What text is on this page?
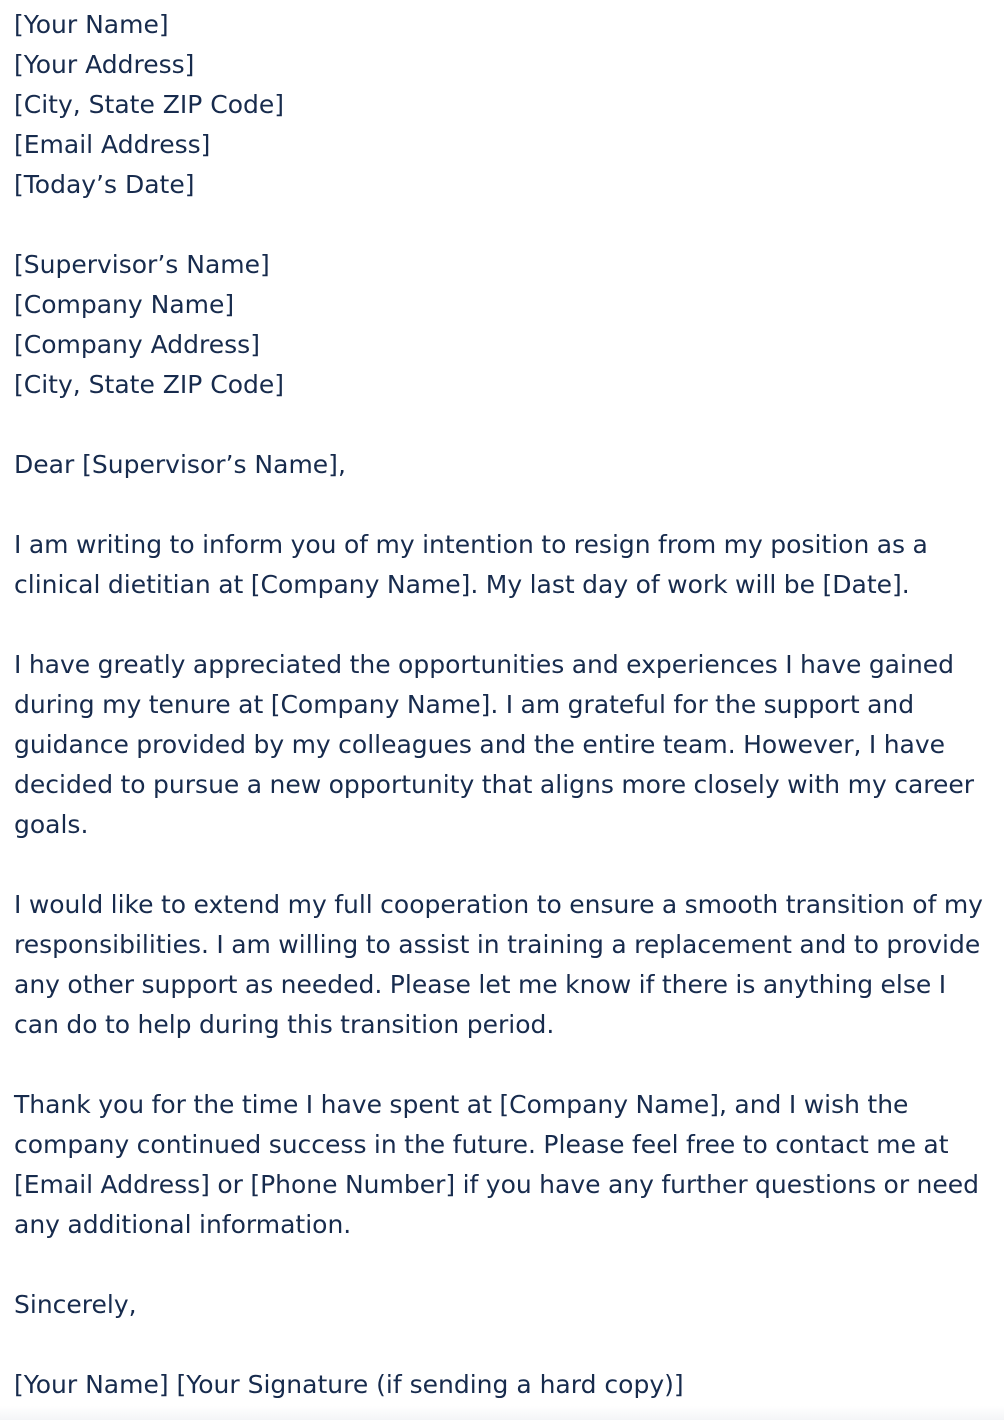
[Your Name]
[Your Address]
[City, State ZIP Code]
[Email Address]
[Today’s Date]
[Supervisor’s Name]
[Company Name]
[Company Address]
[City, State ZIP Code]

Dear [Supervisor’s Name],

I am writing to inform you of my intention to resign from my position as a clinical dietitian at [Company Name]. My last day of work will be [Date].

I have greatly appreciated the opportunities and experiences I have gained during my tenure at [Company Name]. I am grateful for the support and guidance provided by my colleagues and the entire team. However, I have decided to pursue a new opportunity that aligns more closely with my career goals.

I would like to extend my full cooperation to ensure a smooth transition of my responsibilities. I am willing to assist in training a replacement and to provide any other support as needed. Please let me know if there is anything else I can do to help during this transition period.

Thank you for the time I have spent at [Company Name], and I wish the company continued success in the future. Please feel free to contact me at [Email Address] or [Phone Number] if you have any further questions or need any additional information.

Sincerely,

[Your Name] [Your Signature (if sending a hard copy)]
